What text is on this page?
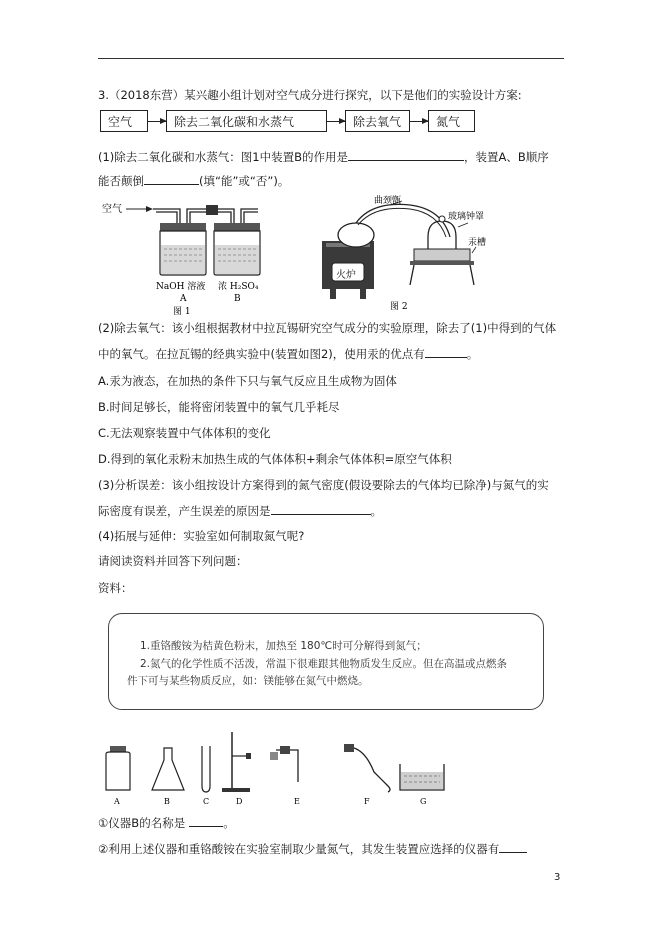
3.（2018东营）某兴趣小组计划对空气成分进行探究，以下是他们的实验设计方案:
空气	除去二氧化碳和水蒸气	除去氧气	氮气
(1)除去二氧化碳和水蒸气：图1中装置B的作用是	，装置A、B顺序
能否颠倒	(填“能”或“否”)。
空气
NaOH 溶液
A
浓 H₂SO₄
B
图 1
火炉
曲颈甑
玻璃钟罩
汞槽
图 2
(2)除去氧气：该小组根据教材中拉瓦锡研究空气成分的实验原理，除去了(1)中得到的气体
中的氧气。在拉瓦锡的经典实验中(装置如图2)，使用汞的优点有	。
A.汞为液态，在加热的条件下只与氧气反应且生成物为固体
B.时间足够长，能将密闭装置中的氧气几乎耗尽
C.无法观察装置中气体体积的变化
D.得到的氧化汞粉末加热生成的气体体积+剩余气体体积=原空气体积
(3)分析误差：该小组按设计方案得到的氮气密度(假设要除去的气体均已除净)与氮气的实
际密度有误差，产生误差的原因是	。
(4)拓展与延伸：实验室如何制取氮气呢?
请阅读资料并回答下列问题：
资料：
1.重铬酸铵为桔黄色粉末，加热至 180℃时可分解得到氮气；
2.氮气的化学性质不活泼，常温下很难跟其他物质发生反应。但在高温或点燃条
件下可与某些物质反应，如：镁能够在氮气中燃烧。
A	B	C	D	E	F	G
①仪器B的名称是	。
②利用上述仪器和重铬酸铵在实验室制取少量氮气，其发生装置应选择的仪器有
3
